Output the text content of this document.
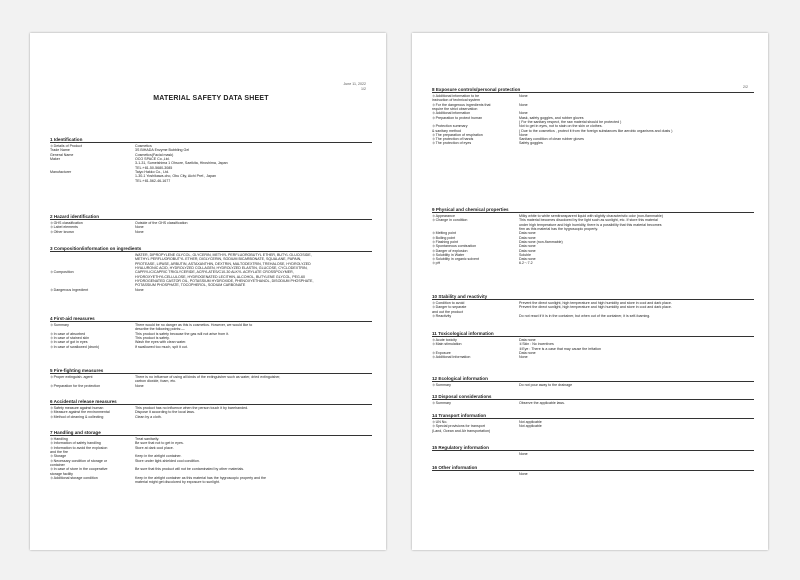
June 11, 2022
1/2
MATERIAL SAFETY DATA SHEET
1 Identification
＊Details of Product	Cosmetics
Trade Name	3S BIHADA Enzyme Bubbling Gel
General Name	Cosmetics(Facial mask)
Maker	OCO SPACE Co.,Ltd.
3-1-31, Sumeishima 1 Ohsore, Saeikita, Hiroshima, Japan
TEL:+81-50-5680-3085
Manufacturer	Taiyo Hakko Co., Ltd.
1-30-1 Yoshikawa-cho, Obu City, Aichi Pref., Japan
TEL:+81-562-46-1677
2 Hazard identification
＊GHS classification	Outside of the GHS classification
＊Label elements	None
＊Other known	None
3 Composition/information on ingredients
WATER, DIPROPYLENE GLYCOL, GLYCERIN, METHYL PERFLUOROBUTYL ETHER, BUTYL GLUCOSIDE,
METHYL PERFLUOROBUTYL ETHER, DIGLYCERIN, SODIUM BICARBONATE, SQUALANE, PAPAIN,
PROTEASE, LIPASE, ARBUTIN, ASTAXANTHIN, DEXTRIN, MALTODEXTRIN, TREHALOSE, HYDROLYZED
HYALURONIC ACID, HYDROLYZED COLLAGEN, HYDROLYZED ELASTIN, GLUCOSE, CYCLODEXTRIN,
＊Composition	CAPRYLIC/CAPRIC TRIGLYCERIDE, ACRYLATES/C10-30 ALKYL ACRYLATE CROSSPOLYMER,
HYDROXYETHYLCELLULOSE, HYDROGENATED LECITHIN, ALCOHOL, BUTYLENE GLYCOL, PEG-60
HYDROGENATED CASTOR OIL, POTASSIUM HYDROXIDE, PHENOXYETHANOL, DISODIUM PHOSPHATE,
POTASSIUM PHOSPHATE, TOCOPHEROL, SODIUM CARBONATE
＊Dangerous Ingredient	None
4 First-aid measures
＊Summary	There would be no danger as this is cosmetics. However, we would like to
describe the following points:—
＊In case of absorbed	This product is safety because the gas will not arise from it.
＊In case of stained skin	This product is safety.
＊In case of got in eyes	Wash the eyes with clean water.
＊In case of swallowed (drunk)	If swallowed too much, spit it out.
5 Fire-fighting measures
＊Proper extinguish. agent	There is no influence of using all kinds of the extinguisher such as water, dried extinguisher,
carbon dioxide, foam, etc.
＊Preparation for the protection	None
6 Accidental release measures
＊Safety measure against human	This product has no influence when the person touch it by barehanded.
＊Measure against the environmental	Dispose it according to the local laws.
＊Method of cleaning & collecting	Clean by a cloth.
7 Handling and storage
＊Handling	Treat sanitarily.
＊Information of safety handling	Be sure that not to get in eyes.
＊Information to avoid the explosion
and the fire
Store at dark cool place.
＊Storage	Keep in the airtight container.
＊Necessary condition of storage or
container
Store under light-shielded cool condition.
＊In case of store in the cooperative
storage facility
Be sure that this product will not be contaminated by other materials.
＊Additional storage condition	Keep in the airtight container as this material has the hygroscopic property and the
material might get discolored by exposure to sunlight.
2/2
8 Exposure controls/personal protection
＊Additional information to be
instruction of technical system
None
＊For the dangerous ingredients that
require the strict observation
None
＊Additional information	None
＊Preparation to protect human	Mask, safety goggles, and rubber gloves
( For the sanitary respect, the raw material should be protected )
＊Protection summary
& sanitary method
Not to get in eyes, not to stain on the skin or clothes.
( Due to the cosmetics , protect it from the foreign substances like aerobic organisms and dusts )
＊The preparation of respiration	None
＊The protection of hands	Sanitary condition of clean rubber gloves
＊The protection of eyes	Safety goggles
9 Physical and chemical properties
＊Appearance	Milky white to white semitransparent liquid with slightly characteristic odor (non-flammable)
＊Change in condition	This material becomes discolored by the light such as sunlight, etc. If store this material
under high temperature and high humidity, there is a possibility that this material becomes
firm as this material has the hygroscopic property.
＊Melting point	Data none
＊Boiling point	Data none
＊Flashing point	Data none (non-flammable)
＊Spontaneous combustion	Data none
＊Danger of explosion	Data none
＊Solubility in Water	Soluble
＊Solubility in organic solvent	Data none
＊pH	6.2〜7.2
10 Stability and reactivity
＊Condition to avoid	Prevent the direct sunlight, high temperature and high humidity and store in cool and dark place.
＊Danger to separate
and out the product
Prevent the direct sunlight, high temperature and high humidity and store in cool and dark place.
＊Reactivity	Do not react if it is in the container, but when out of the container, it is self-foaming.
11 Toxicological information
＊Acute toxicity	Data none
＊Main stimulation	①Skin : No incentives
②Eye : There is a case that may cause the irritation
＊Exposure	Data none
＊Additional Information	None
12 Ecological information
＊Summary	Do not pour away to the drainage
13 Disposal considerations
＊Summary	Observe the applicable laws.
14 Transport information
＊UN No.	Not applicable
＊Special provisions for transport
(Land, Ocean and Air transportation)
Not applicable
15 Regulatory information
None
16 Other information
None
